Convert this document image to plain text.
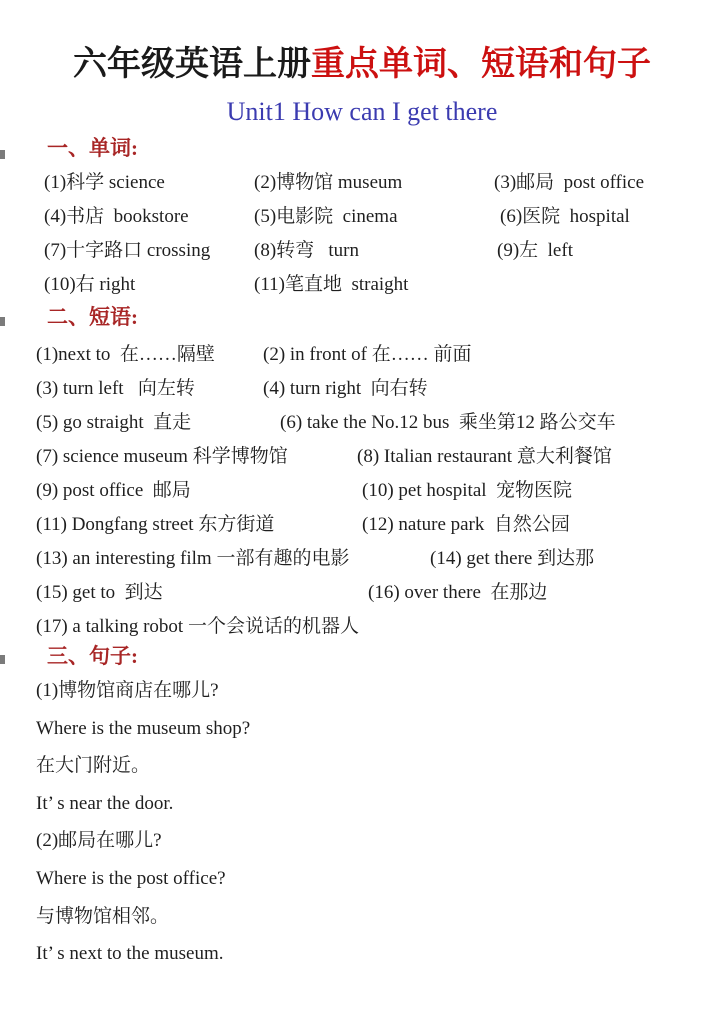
六年级英语上册重点单词、短语和句子
Unit1 How can I get there
一、单词:
(1)科学 science	(2)博物馆 museum	(3)邮局  post office
(4)书店  bookstore	(5)电影院  cinema	(6)医院  hospital
(7)十字路口 crossing (8)转弯   turn	(9)左  left
(10)右 right	(11)笔直地  straight
二、短语:
(1)next to  在……隔壁	(2) in front of 在…… 前面
(3) turn left   向左转	(4) turn right  向右转
(5) go straight  直走	(6) take the No.12 bus  乘坐第12 路公交车
(7) science museum 科学博物馆	(8) Italian restaurant 意大利餐馆
(9) post office  邮局	(10) pet hospital  宠物医院
(11) Dongfang street 东方街道	(12) nature park  自然公园
(13) an interesting film 一部有趣的电影	(14) get there 到达那
(15) get to  到达	(16) over there  在那边
(17) a talking robot 一个会说话的机器人
三、句子:
(1)博物馆商店在哪儿?
Where is the museum shop?
在大门附近。
It’ s near the door.
(2)邮局在哪儿?
Where is the post office?
与博物馆相邻。
It’ s next to the museum.
